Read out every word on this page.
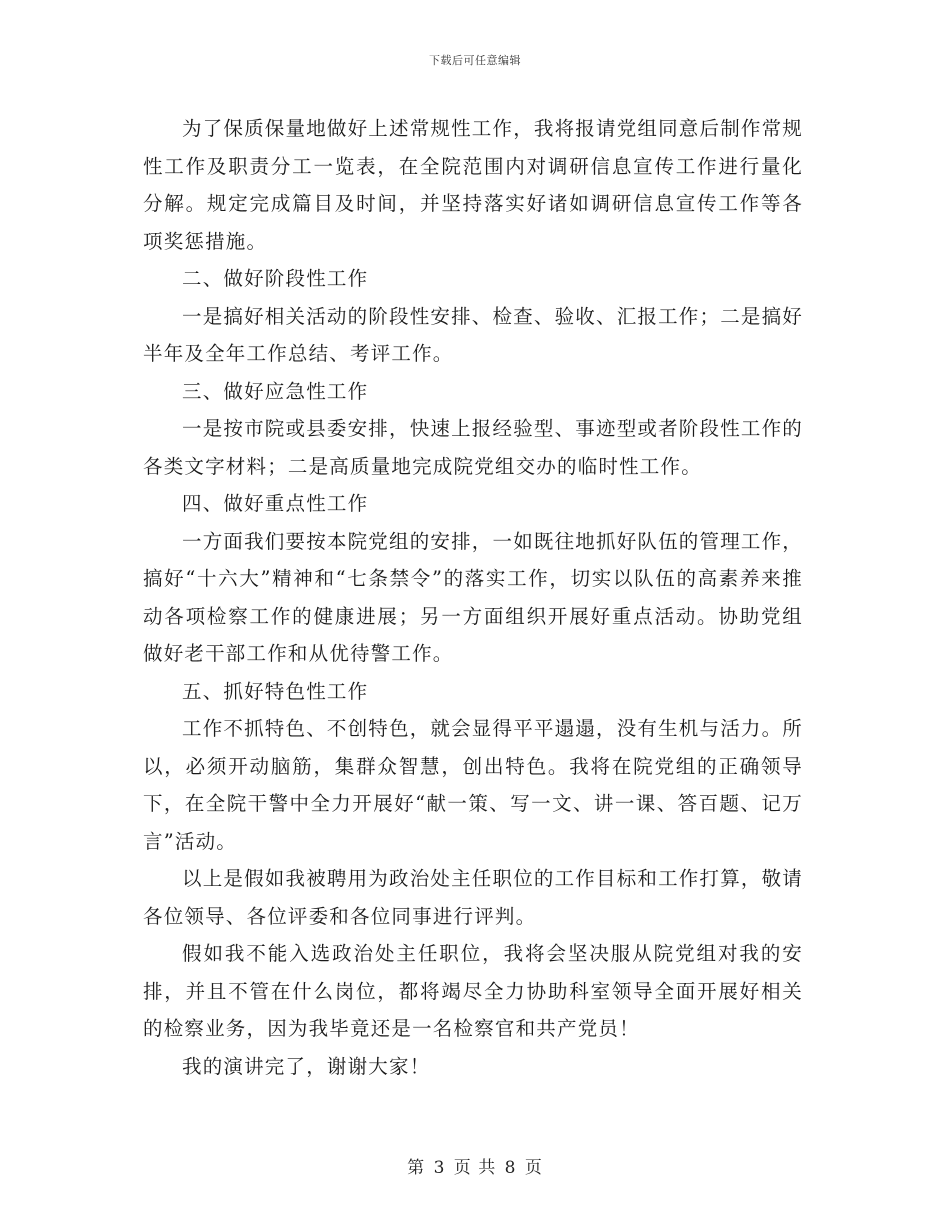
下载后可任意编辑

为了保质保量地做好上述常规性工作，我将报请党组同意后制作常规性工作及职责分工一览表，在全院范围内对调研信息宣传工作进行量化分解。规定完成篇目及时间，并坚持落实好诸如调研信息宣传工作等各项奖惩措施。

二、做好阶段性工作

一是搞好相关活动的阶段性安排、检查、验收、汇报工作；二是搞好半年及全年工作总结、考评工作。

三、做好应急性工作

一是按市院或县委安排，快速上报经验型、事迹型或者阶段性工作的各类文字材料；二是高质量地完成院党组交办的临时性工作。

四、做好重点性工作

一方面我们要按本院党组的安排，一如既往地抓好队伍的管理工作，搞好“十六大”精神和“七条禁令”的落实工作，切实以队伍的高素养来推动各项检察工作的健康进展；另一方面组织开展好重点活动。协助党组做好老干部工作和从优待警工作。

五、抓好特色性工作

工作不抓特色、不创特色，就会显得平平遢遢，没有生机与活力。所以，必须开动脑筋，集群众智慧，创出特色。我将在院党组的正确领导下，在全院干警中全力开展好“献一策、写一文、讲一课、答百题、记万言”活动。

以上是假如我被聘用为政治处主任职位的工作目标和工作打算，敬请各位领导、各位评委和各位同事进行评判。

假如我不能入选政治处主任职位，我将会坚决服从院党组对我的安排，并且不管在什么岗位，都将竭尽全力协助科室领导全面开展好相关的检察业务，因为我毕竟还是一名检察官和共产党员！

我的演讲完了，谢谢大家！

第 3 页 共 8 页
